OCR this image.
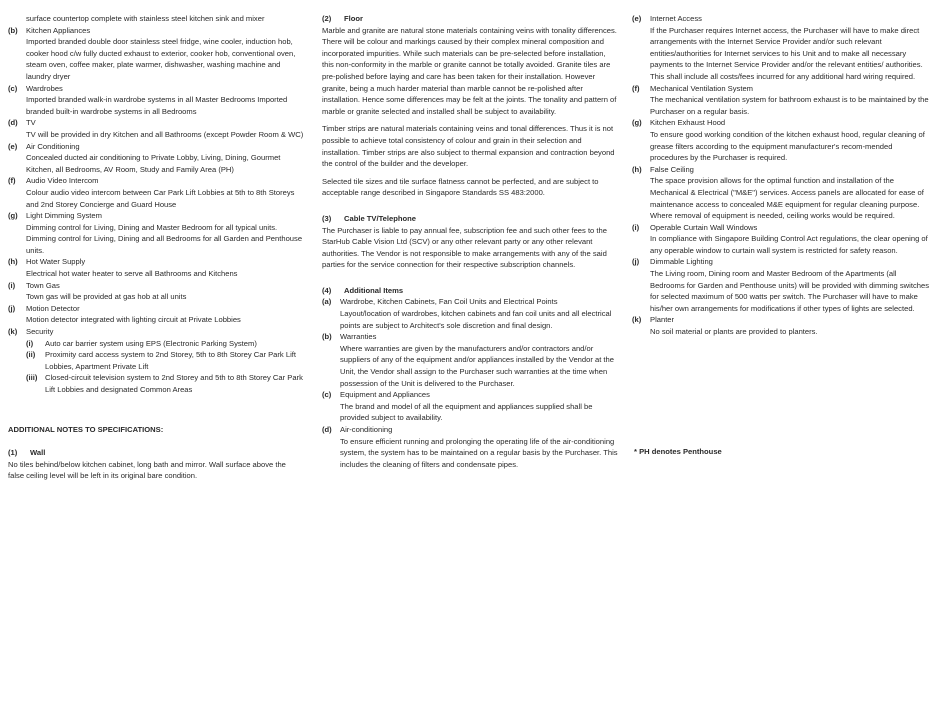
surface countertop complete with stainless steel kitchen sink and mixer
(b)	Kitchen Appliances
Imported branded double door stainless steel fridge, wine cooler, induction hob, cooker hood c/w fully ducted exhaust to exterior, cooker hob, conventional oven, steam oven, coffee maker, plate warmer, dishwasher, washing machine and laundry dryer
(c)	Wardrobes
Imported branded walk-in wardrobe systems in all Master Bedrooms Imported branded built-in wardrobe systems in all Bedrooms
(d)	TV
TV will be provided in dry Kitchen and all Bathrooms (except Powder Room & WC)
(e)	Air Conditioning
Concealed ducted air conditioning to Private Lobby, Living, Dining, Gourmet Kitchen, all Bedrooms, AV Room, Study and Family Area (PH)
(f)	Audio Video Intercom
Colour audio video intercom between Car Park Lift Lobbies at 5th to 8th Storeys and 2nd Storey Concierge and Guard House
(g)	Light Dimming System
Dimming control for Living, Dining and Master Bedroom for all typical units. Dimming control for Living, Dining and all Bedrooms for all Garden and Penthouse units.
(h)	Hot Water Supply
Electrical hot water heater to serve all Bathrooms and Kitchens
(i)	Town Gas
Town gas will be provided at gas hob at all units
(j)	Motion Detector
Motion detector integrated with lighting circuit at Private Lobbies
(k)	Security
(i)	Auto car barrier system using EPS (Electronic Parking System)
(ii)	Proximity card access system to 2nd Storey, 5th to 8th Storey Car Park Lift Lobbies, Apartment Private Lift
(iii)	Closed-circuit television system to 2nd Storey and 5th to 8th Storey Car Park Lift Lobbies and designated Common Areas
ADDITIONAL NOTES TO SPECIFICATIONS:
(1)	Wall
No tiles behind/below kitchen cabinet, long bath and mirror. Wall surface above the false ceiling level will be left in its original bare condition.
(2)	Floor
Marble and granite are natural stone materials containing veins with tonality differences. There will be colour and markings caused by their complex mineral composition and incorporated impurities. While such materials can be pre-selected before installation, this non-conformity in the marble or granite cannot be totally avoided. Granite tiles are pre-polished before laying and care has been taken for their installation. However granite, being a much harder material than marble cannot be re-polished after installation. Hence some differences may be felt at the joints. The tonality and pattern of marble or granite selected and installed shall be subject to availability.
Timber strips are natural materials containing veins and tonal differences. Thus it is not possible to achieve total consistency of colour and grain in their selection and installation. Timber strips are also subject to thermal expansion and contraction beyond the control of the builder and the developer.
Selected tile sizes and tile surface flatness cannot be perfected, and are subject to acceptable range described in Singapore Standards SS 483:2000.
(3)	Cable TV/Telephone
The Purchaser is liable to pay annual fee, subscription fee and such other fees to the StarHub Cable Vision Ltd (SCV) or any other relevant party or any other relevant authorities. The Vendor is not responsible to make arrangements with any of the said parties for the service connection for their respective subscription channels.
(4)	Additional Items
(a)	Wardrobe, Kitchen Cabinets, Fan Coil Units and Electrical Points
Layout/location of wardrobes, kitchen cabinets and fan coil units and all electrical points are subject to Architect's sole discretion and final design.
(b)	Warranties
Where warranties are given by the manufacturers and/or contractors and/or suppliers of any of the equipment and/or appliances installed by the Vendor at the Unit, the Vendor shall assign to the Purchaser such warranties at the time when possession of the Unit is delivered to the Purchaser.
(c)	Equipment and Appliances
The brand and model of all the equipment and appliances supplied shall be provided subject to availability.
(d)	Air-conditioning
To ensure efficient running and prolonging the operating life of the air-conditioning system, the system has to be maintained on a regular basis by the Purchaser. This includes the cleaning of filters and condensate pipes.
(e)	Internet Access
If the Purchaser requires Internet access, the Purchaser will have to make direct arrangements with the Internet Service Provider and/or such relevant entities/authorities for Internet services to his Unit and to make all necessary payments to the Internet Service Provider and/or the relevant entities/ authorities. This shall include all costs/fees incurred for any additional hard wiring required.
(f)	Mechanical Ventilation System
The mechanical ventilation system for bathroom exhaust is to be maintained by the Purchaser on a regular basis.
(g)	Kitchen Exhaust Hood
To ensure good working condition of the kitchen exhaust hood, regular cleaning of grease filters according to the equipment manufacturer's recom-mended procedures by the Purchaser is required.
(h)	False Ceiling
The space provision allows for the optimal function and installation of the Mechanical & Electrical ("M&E") services. Access panels are allocated for ease of maintenance access to concealed M&E equipment for regular cleaning purpose. Where removal of equipment is needed, ceiling works would be required.
(i)	Operable Curtain Wall Windows
In compliance with Singapore Building Control Act regulations, the clear opening of any operable window to curtain wall system is restricted for safety reason.
(j)	Dimmable Lighting
The Living room, Dining room and Master Bedroom of the Apartments (all Bedrooms for Garden and Penthouse units) will be provided with dimming switches for selected maximum of 500 watts per switch. The Purchaser will have to make his/her own arrangements for modifications if other types of lights are selected.
(k)	Planter
No soil material or plants are provided to planters.
* PH denotes Penthouse
